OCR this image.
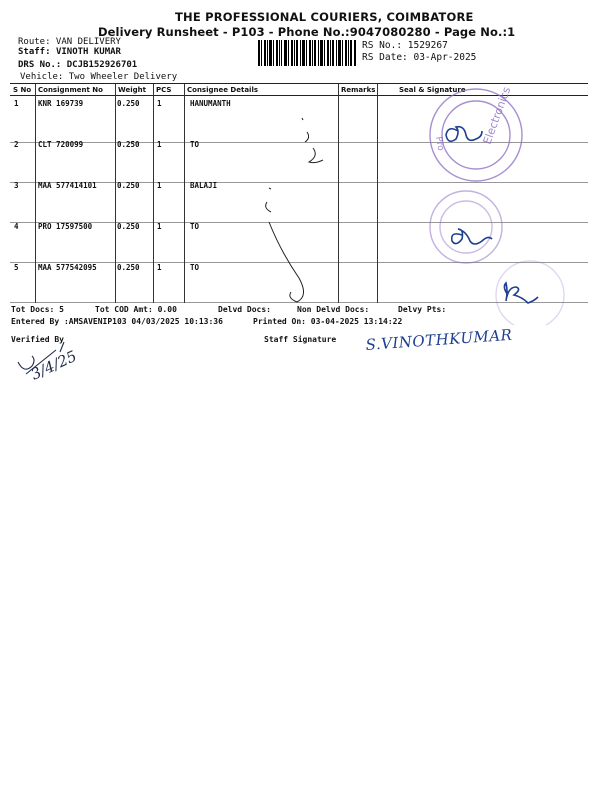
THE PROFESSIONAL COURIERS, COIMBATORE
Delivery Runsheet - P103 - Phone No.:9047080280 - Page No.:1
Route: VAN DELIVERY
Staff: VINOTH KUMAR
DRS No.: DCJB152926701
Vehicle: Two Wheeler Delivery
RS No.: 1529267
RS Date: 03-Apr-2025
S No Consignment No Weight PCS Consignee Details	Remarks	Seal & Signature
1	KNR 169739	0.250 1	HANUMANTH
2	CLT 720099	0.250 1	TO
3	MAA 577414101	0.250 1	BALAJI
4	PRO 17597500	0.250 1	TO
5	MAA 577542095	0.250 1	TO
Electronics
Pro
Tot Docs: 5	Tot COD Amt: 0.00	Delvd Docs:	Non Delvd Docs:	Delvy Pts:
Entered By :AMSAVENIP103 04/03/2025 10:13:36	Printed On: 03-04-2025 13:14:22
Verified By	Staff Signature
3/4/25
S.VINOTHKUMAR
